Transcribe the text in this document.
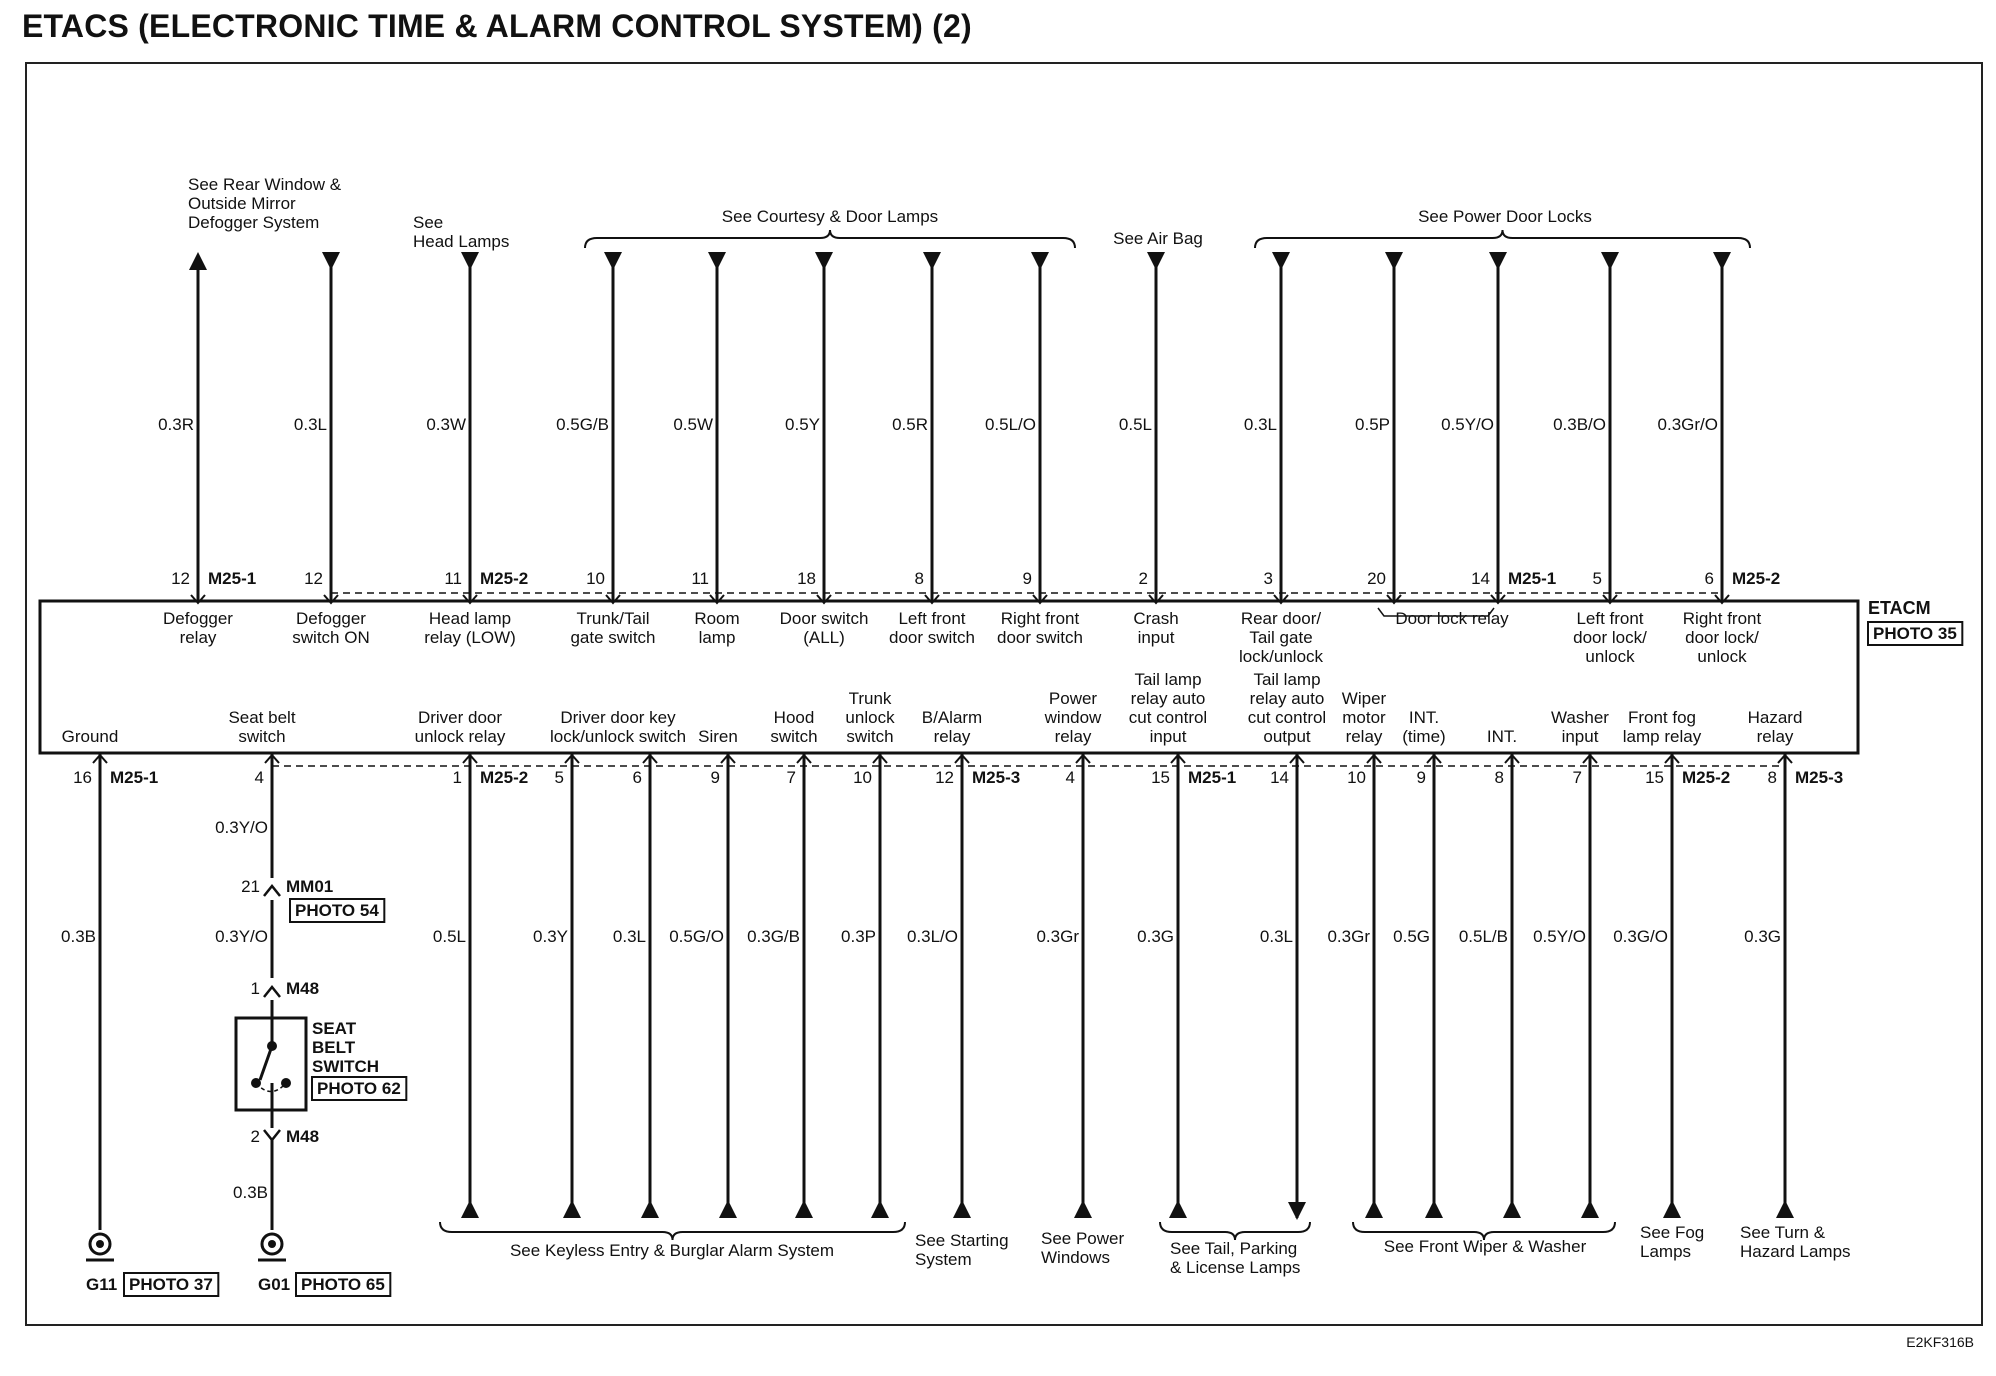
ETACS (ELECTRONIC TIME & ALARM CONTROL SYSTEM) (2)
ETACM
PHOTO 35
0.3R
12 M25-1
Defogger
relay
0.3L
12
Defogger
switch ON
0.3W
11 M25-2
Head lamp
relay (LOW)
0.5G/B
10
Trunk/Tail
gate switch
0.5W
11
Room
lamp
0.5Y
18
Door switch
(ALL)
0.5R
8
Left front
door switch
0.5L/O
9
Right front
door switch
0.5L
2
Crash
input
0.3L
3
Rear door/
Tail gate
lock/unlock
0.5P
20
0.5Y/O
14 M25-1
Door lock relay
0.3B/O
5
Left front
door lock/
unlock
0.3Gr/O
6 M25-2
Right front
door lock/
unlock
See Rear Window &
Outside Mirror
Defogger System	See
Head Lamps
See Courtesy & Door Lamps
See Air Bag
See Power Door Locks
16 M25-1
Ground
4
Seat belt
switch
1 M25-2
0.5L
Driver door
unlock relay
5
0.3Y
Driver door key
lock/unlock switch
6
0.3L
9
0.5G/O
Siren
7
0.3G/B
Hood
switch
10
0.3P
Trunk
unlock
switch
12 M25-3
0.3L/O
B/Alarm
relay
4
0.3Gr
Power
window
relay
15 M25-1
0.3G
Tail lamp
relay auto
cut control
input
14
0.3L
Tail lamp
relay auto
cut control
output
10
0.3Gr
Wiper
motor
relay
9
0.5G
INT.
(time)
8
0.5L/B
INT.
7
0.5Y/O
Washer
input
15 M25-2
0.3G/O
Front fog
lamp relay
8 M25-3
0.3G
Hazard
relay
0.3B
G11 PHOTO 37
0.3Y/O
21 MM01
PHOTO 54
0.3Y/O
1 M48
SEAT
BELT
SWITCH
PHOTO 62
2 M48
0.3B
G01 PHOTO 65
See Keyless Entry & Burglar Alarm System
See Starting
System
See Power
Windows	See Tail, Parking
& License Lamps
See Front Wiper & Washer
See Fog
Lamps
See Turn &
Hazard Lamps
E2KF316B
